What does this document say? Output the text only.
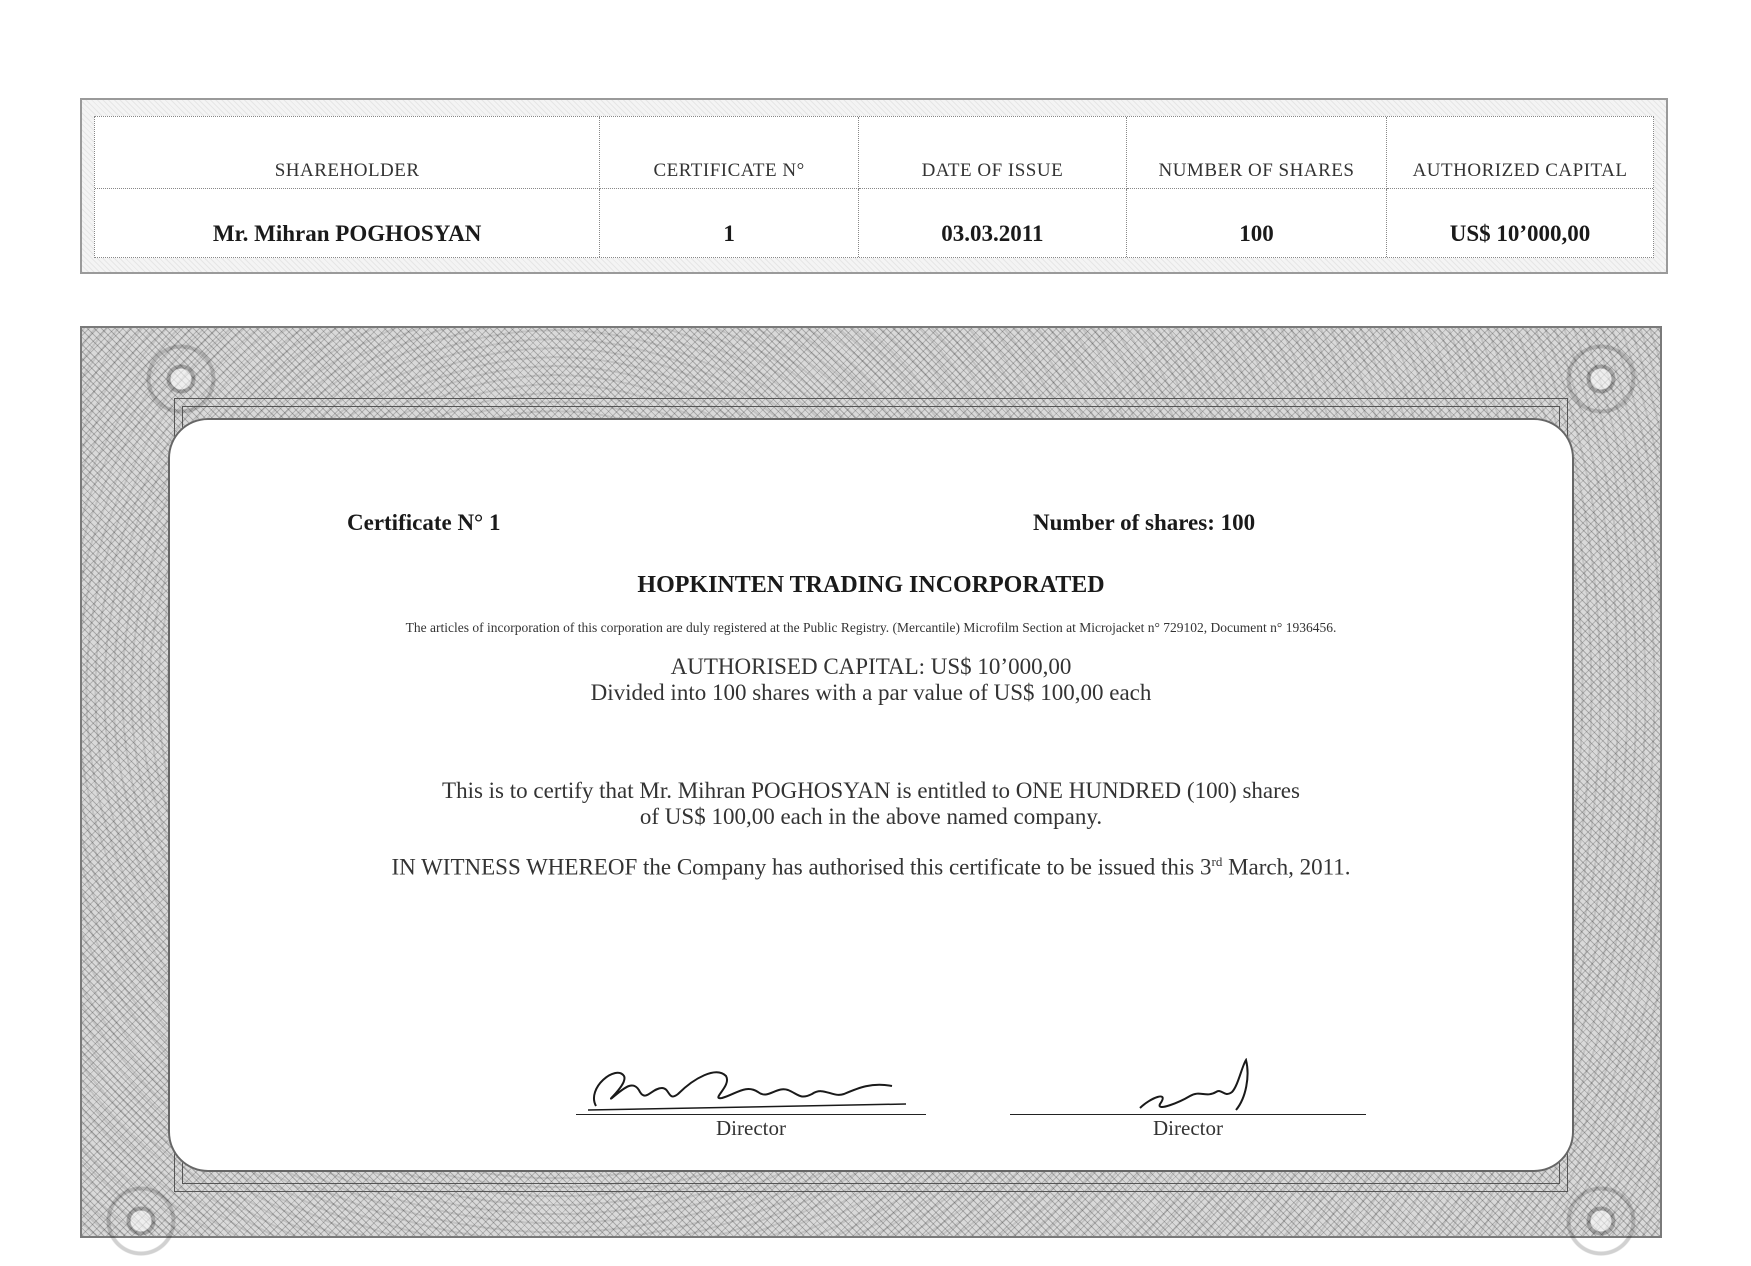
SHAREHOLDER	CERTIFICATE N°	DATE OF ISSUE	NUMBER OF SHARES	AUTHORIZED CAPITAL
Mr. Mihran POGHOSYAN	1	03.03.2011	100	US$ 10’000,00
Certificate N° 1	Number of shares: 100
HOPKINTEN TRADING INCORPORATED
The articles of incorporation of this corporation are duly registered at the Public Registry. (Mercantile) Microfilm Section at Microjacket n° 729102, Document n° 1936456.
AUTHORISED CAPITAL: US$ 10’000,00
Divided into 100 shares with a par value of US$ 100,00 each
This is to certify that Mr. Mihran POGHOSYAN is entitled to ONE HUNDRED (100) shares
of US$ 100,00 each in the above named company.
IN WITNESS WHEREOF the Company has authorised this certificate to be issued this 3rd March, 2011.
Director	Director
